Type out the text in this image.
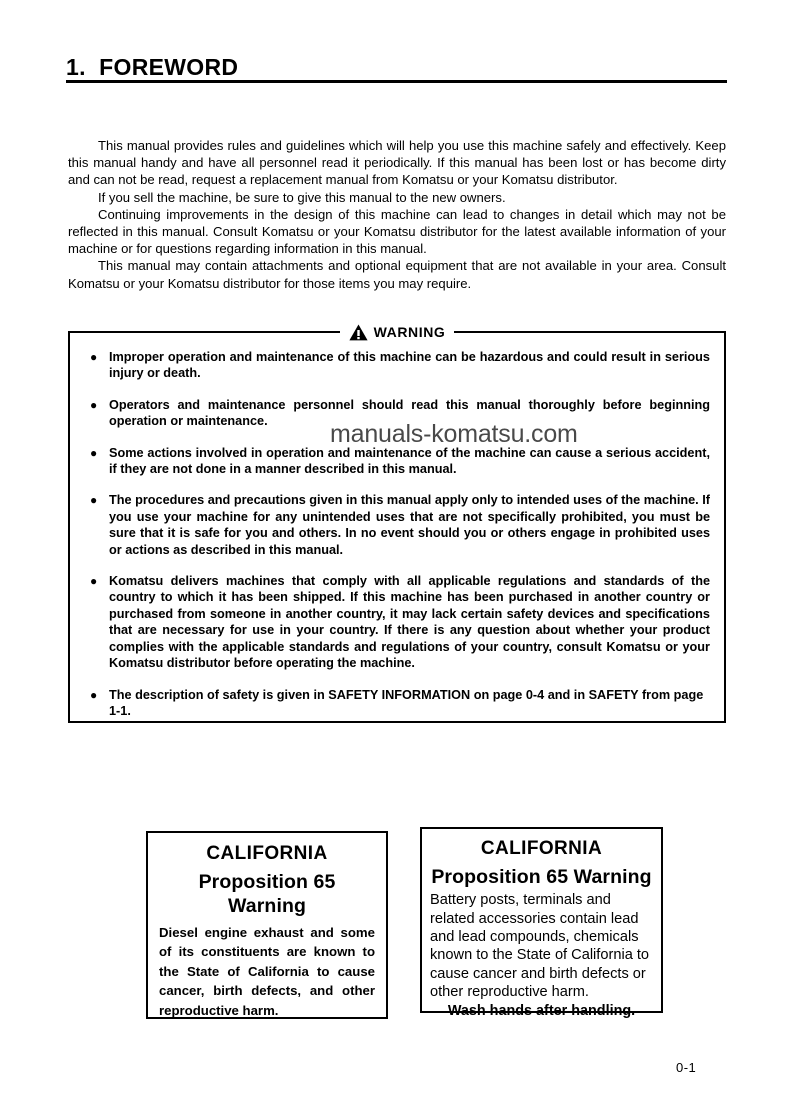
1.  FOREWORD

This manual provides rules and guidelines which will help you use this machine safely and effectively. Keep this manual handy and have all personnel read it periodically. If this manual has been lost or has become dirty and can not be read, request a replacement manual from Komatsu or your Komatsu distributor.

If you sell the machine, be sure to give this manual to the new owners.

Continuing improvements in the design of this machine can lead to changes in detail which may not be reflected in this manual. Consult Komatsu or your Komatsu distributor for the latest available information of your machine or for questions regarding information in this manual.

This manual may contain attachments and optional equipment that are not available in your area. Consult Komatsu or your Komatsu distributor for those items you may require.

WARNING
● Improper operation and maintenance of this machine can be hazardous and could result in serious injury or death.
● Operators and maintenance personnel should read this manual thoroughly before beginning operation or maintenance.
● Some actions involved in operation and maintenance of the machine can cause a serious accident, if they are not done in a manner described in this manual.
● The procedures and precautions given in this manual apply only to intended uses of the machine. If you use your machine for any unintended uses that are not specifically prohibited, you must be sure that it is safe for you and others. In no event should you or others engage in prohibited uses or actions as described in this manual.
● Komatsu delivers machines that comply with all applicable regulations and standards of the country to which it has been shipped. If this machine has been purchased in another country or purchased from someone in another country, it may lack certain safety devices and specifications that are necessary for use in your country. If there is any question about whether your product complies with the applicable standards and regulations of your country, consult Komatsu or your Komatsu distributor before operating the machine.
● The description of safety is given in SAFETY INFORMATION on page 0-4 and in SAFETY from page 1-1.
manuals-komatsu.com
CALIFORNIA
Proposition 65 Warning
Diesel engine exhaust and some of its constituents are known to the State of California to cause cancer, birth defects, and other reproductive harm.
CALIFORNIA
Proposition 65 Warning
Battery posts, terminals and related accessories contain lead and lead compounds, chemicals known to the State of California to cause cancer and birth defects or other reproductive harm.
Wash hands after handling.
0-1
